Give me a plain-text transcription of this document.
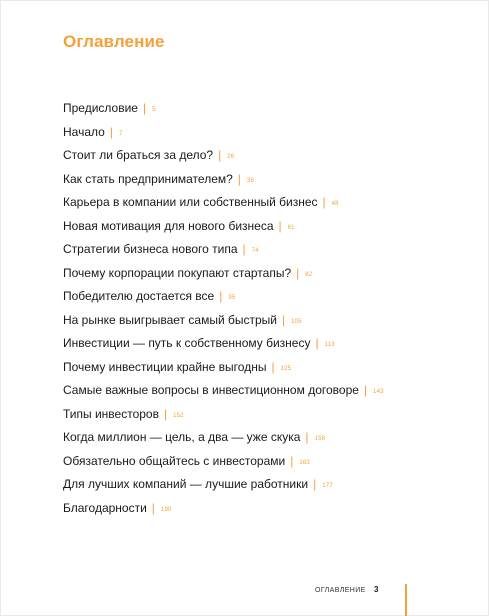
Оглавление
Предисловие | 5
Начало | 7
Стоит ли браться за дело? | 26
Как стать предпринимателем? | 38
Карьера в компании или собственный бизнес | 48
Новая мотивация для нового бизнеса | 61
Стратегии бизнеса нового типа | 74
Почему корпорации покупают стартапы? | 82
Победителю достается все | 95
На рынке выигрывает самый быстрый | 105
Инвестиции — путь к собственному бизнесу | 113
Почему инвестиции крайне выгодны | 125
Самые важные вопросы в инвестиционном договоре | 143
Типы инвесторов | 152
Когда миллион — цель, а два — уже скука | 158
Обязательно общайтесь с инвесторами | 163
Для лучших компаний — лучшие работники | 177
Благодарности | 190
ОГЛАВЛЕНИЕ 3
